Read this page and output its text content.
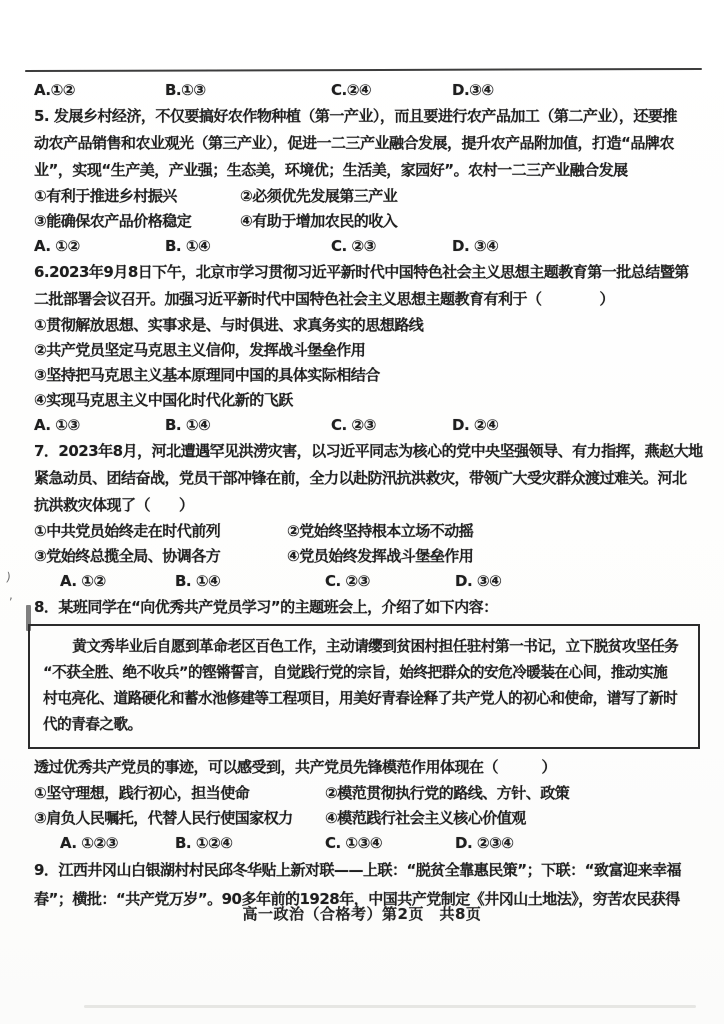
)
,
A.①②	B.①③	C.②④	D.③④
5. 发展乡村经济，不仅要搞好农作物种植（第一产业），而且要进行农产品加工（第二产业），还要推
动农产品销售和农业观光（第三产业），促进一二三产业融合发展，提升农产品附加值，打造“品牌农
业”，实现“生产美，产业强；生态美，环境优；生活美，家园好”。农村一二三产业融合发展
①有利于推进乡村振兴	②必须优先发展第三产业
③能确保农产品价格稳定	④有助于增加农民的收入
A. ①②	B. ①④	C. ②③	D. ③④
6.2023年9月8日下午，北京市学习贯彻习近平新时代中国特色社会主义思想主题教育第一批总结暨第
二批部署会议召开。加强习近平新时代中国特色社会主义思想主题教育有利于（　　　　）
①贯彻解放思想、实事求是、与时俱进、求真务实的思想路线
②共产党员坚定马克思主义信仰，发挥战斗堡垒作用
③坚持把马克思主义基本原理同中国的具体实际相结合
④实现马克思主义中国化时代化新的飞跃
A. ①③	B. ①④	C. ②③	D. ②④
7．2023年8月，河北遭遇罕见洪涝灾害，以习近平同志为核心的党中央坚强领导、有力指挥，燕赵大地
紧急动员、团结奋战，党员干部冲锋在前，全力以赴防汛抗洪救灾，带领广大受灾群众渡过难关。河北
抗洪救灾体现了（　　）
①中共党员始终走在时代前列	②党始终坚持根本立场不动摇
③党始终总揽全局、协调各方	④党员始终发挥战斗堡垒作用
A. ①②	B. ①④	C. ②③	D. ③④
8．某班同学在“向优秀共产党员学习”的主题班会上，介绍了如下内容：
黄文秀毕业后自愿到革命老区百色工作，主动请缨到贫困村担任驻村第一书记，立下脱贫攻坚任务
“不获全胜、绝不收兵”的铿锵誓言，自觉践行党的宗旨，始终把群众的安危冷暖装在心间，推动实施
村屯亮化、道路硬化和蓄水池修建等工程项目，用美好青春诠释了共产党人的初心和使命，谱写了新时
代的青春之歌。
透过优秀共产党员的事迹，可以感受到，共产党员先锋模范作用体现在（　　　）
①坚守理想，践行初心，担当使命	②模范贯彻执行党的路线、方针、政策
③肩负人民嘱托，代替人民行使国家权力	④模范践行社会主义核心价值观
A. ①②③	B. ①②④	C. ①③④	D. ②③④
9．江西井冈山白银湖村村民邱冬华贴上新对联——上联：“脱贫全靠惠民策”；下联：“致富迎来幸福
春”；横批：“共产党万岁”。90多年前的1928年，中国共产党制定《井冈山土地法》，穷苦农民获得
高一政治（合格考）第2页　共8页
